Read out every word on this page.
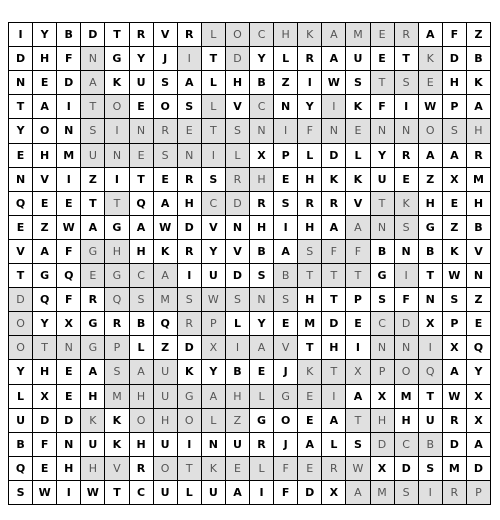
I	Y	B	D	T	R	V	R	L	O	C	H	K	A	M	E	R	A	F	Z
D	H	F	N	G	Y	J	I	T	D	Y	L	R	A	U	E	T	K	D	B
N	E	D	A	K	U	S	A	L	H	B	Z	I	W	S	T	S	E	H	K
T	A	I	T	O	E	O	S	L	V	C	N	Y	I	K	F	I	W	P	A
Y	O	N	S	I	N	R	E	T	S	N	I	F	N	E	N	N	O	S	H
E	H	M	U	N	E	S	N	I	L	X	P	L	D	L	Y	R	A	A	R
N	V	I	Z	I	T	E	R	S	R	H	E	H	K	K	U	E	Z	X	M
Q	E	E	T	T	Q	A	H	C	D	R	S	R	R	V	T	K	H	E	H
E	Z	W	A	G	A	W	D	V	N	H	I	H	A	A	N	S	G	Z	B
V	A	F	G	H	H	K	R	Y	V	B	A	S	F	F	B	N	B	K	V
T	G	Q	E	G	C	A	I	U	D	S	B	T	T	T	G	I	T	W	N
D	Q	F	R	Q	S	M	S	W	S	N	S	H	T	P	S	F	N	S	Z
O	Y	X	G	R	B	Q	R	P	L	Y	E	M	D	E	C	D	X	P	E
O	T	N	G	P	L	Z	D	X	I	A	V	T	H	I	N	N	I	X	Q
Y	H	E	A	S	A	U	K	Y	B	E	J	K	T	X	P	O	Q	A	Y
L	X	E	H	M	H	U	G	A	H	L	G	E	I	A	X	M	T	W	X
U	D	D	K	K	O	H	O	L	Z	G	O	E	A	T	H	H	U	R	X
B	F	N	U	K	H	U	I	N	U	R	J	A	L	S	D	C	B	D	A
Q	E	H	H	V	R	O	T	K	E	L	F	E	R	W	X	D	S	M	D
S	W	I	W	T	C	U	L	U	A	I	F	D	X	A	M	S	I	R	P
